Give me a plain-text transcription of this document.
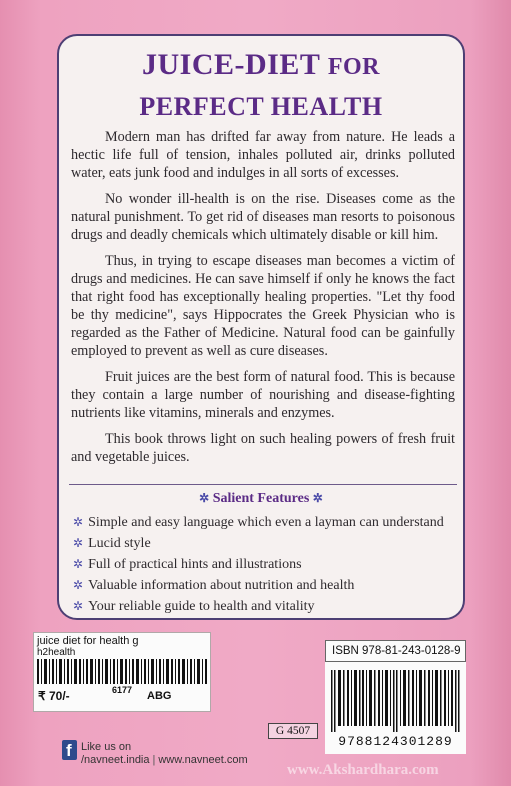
JUICE-DIET FOR
PERFECT HEALTH

Modern man has drifted far away from nature. He leads a hectic life full of tension, inhales polluted air, drinks polluted water, eats junk food and indulges in all sorts of excesses.

No wonder ill-health is on the rise. Diseases come as the natural punishment. To get rid of diseases man resorts to poisonous drugs and deadly chemicals which ultimately disable or kill him.

Thus, in trying to escape diseases man becomes a victim of drugs and medicines. He can save himself if only he knows the fact that right food has exceptionally healing properties. "Let thy food be thy medicine", says Hippocrates the Greek Physician who is regarded as the Father of Medicine. Natural food can be gainfully employed to prevent as well as cure diseases.

Fruit juices are the best form of natural food. This is because they contain a large number of nourishing and disease-fighting nutrients like vitamins, minerals and enzymes.

This book throws light on such healing powers of fresh fruit and vegetable juices.

✲ Salient Features ✲
✲ Simple and easy language which even a layman can understand
✲ Lucid style
✲ Full of practical hints and illustrations
✲ Valuable information about nutrition and health
✲ Your reliable guide to health and vitality
juice diet for health g
h2health
₹ 70/-	6177 ABG
ISBN 978-81-243-0128-9
9788124301289
G 4507
f Like us on
/navneet.india | www.navneet.com
www.Akshardhara.com
